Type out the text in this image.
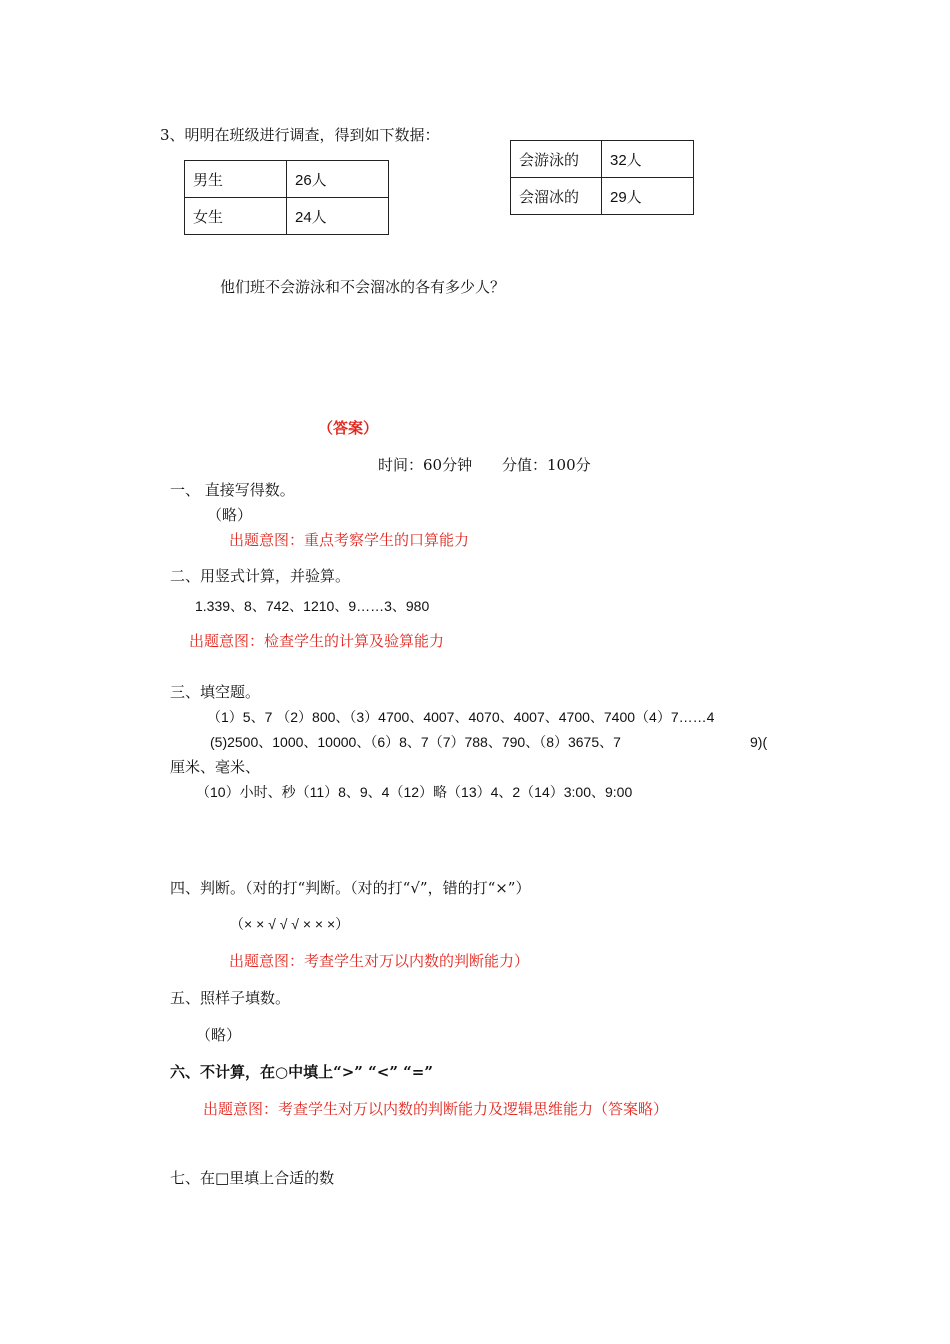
3、明明在班级进行调查，得到如下数据：
男生	26人
女生	24人
会游泳的	32人
会溜冰的	29人
他们班不会游泳和不会溜冰的各有多少人？
（答案）
时间：60分钟 分值：100分
一、 直接写得数。
（略）
出题意图：重点考察学生的口算能力
二、用竖式计算，并验算。
1.339、8、742、1210、9……3、980
出题意图：检查学生的计算及验算能力
三、填空题。
（1）5、7 （2）800、（3）4700、4007、4070、4007、4700、7400（4）7……4
(5)2500、1000、10000、（6）8、7（7）788、790、（8）3675、7	9)(
厘米、毫米、
（10）小时、秒（11）8、9、4（12）略（13）4、2（14）3:00、9:00
四、判断。（对的打“判断。（对的打“√”，错的打“×”）
（× × √ √ √ × × ×）
出题意图：考查学生对万以内数的判断能力）
五、照样子填数。
（略）
六、不计算，在○中填上“>” “<” “=”
出题意图：考查学生对万以内数的判断能力及逻辑思维能力（答案略）
七、在□里填上合适的数
